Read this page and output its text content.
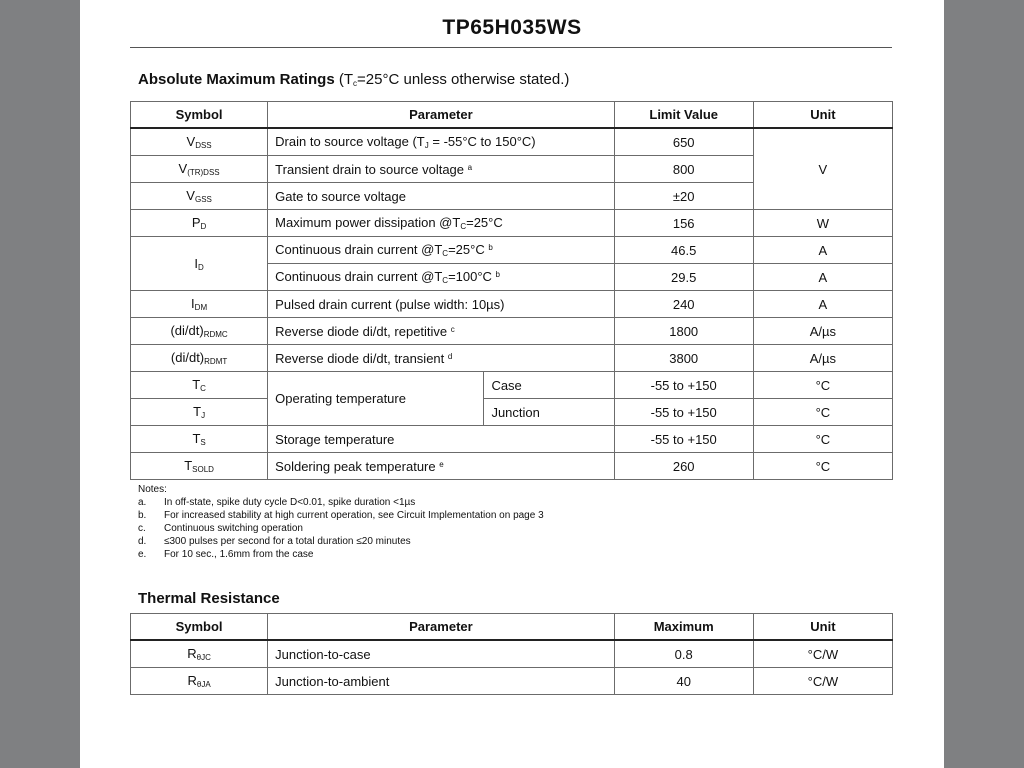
TP65H035WS
Absolute Maximum Ratings ($T_c=25^\circ C$ unless otherwise stated.)
Symbol	Parameter		Limit Value	Unit
$V_{DSS}$	Drain to source voltage ($T_J = -55^\circ C$ to 150°C)		650	V
$V_{(TR)DSS}$	Transient drain to source voltage $^a$		800	
$V_{GSS}$	Gate to source voltage		±20	
$P_D$	Maximum power dissipation $@T_C=25^\circ C$		156	W
$I_D$	Continuous drain current $@T_C=25^\circ C$ $^b$		46.5	A
	Continuous drain current $@T_C=100^\circ C$ $^b$		29.5	A
$I_{DM}$	Pulsed drain current (pulse width: 10µs)		240	A
$(di/dt)_{RDMC}$	Reverse diode di/dt, repetitive $^c$		1800	A/µs
$(di/dt)_{RDMT}$	Reverse diode di/dt, transient $^d$		3800	A/µs
$T_C$	Operating temperature	Case	-55 to +150	°C
$T_J$		Junction	-55 to +150	°C
$T_S$	Storage temperature		-55 to +150	°C
$T_{SOLD}$	Soldering peak temperature $^e$		260	°C
Notes:
a.	In off-state, spike duty cycle D<0.01, spike duration <1µs
b.	For increased stability at high current operation, see Circuit Implementation on page 3
c.	Continuous switching operation
d.	≤300 pulses per second for a total duration ≤20 minutes
e.	For 10 sec., 1.6mm from the case
Thermal Resistance
Symbol	Parameter	Maximum	Unit
$R_{\theta JC}$	Junction-to-case	0.8	°C/W
$R_{\theta JA}$	Junction-to-ambient	40	°C/W
